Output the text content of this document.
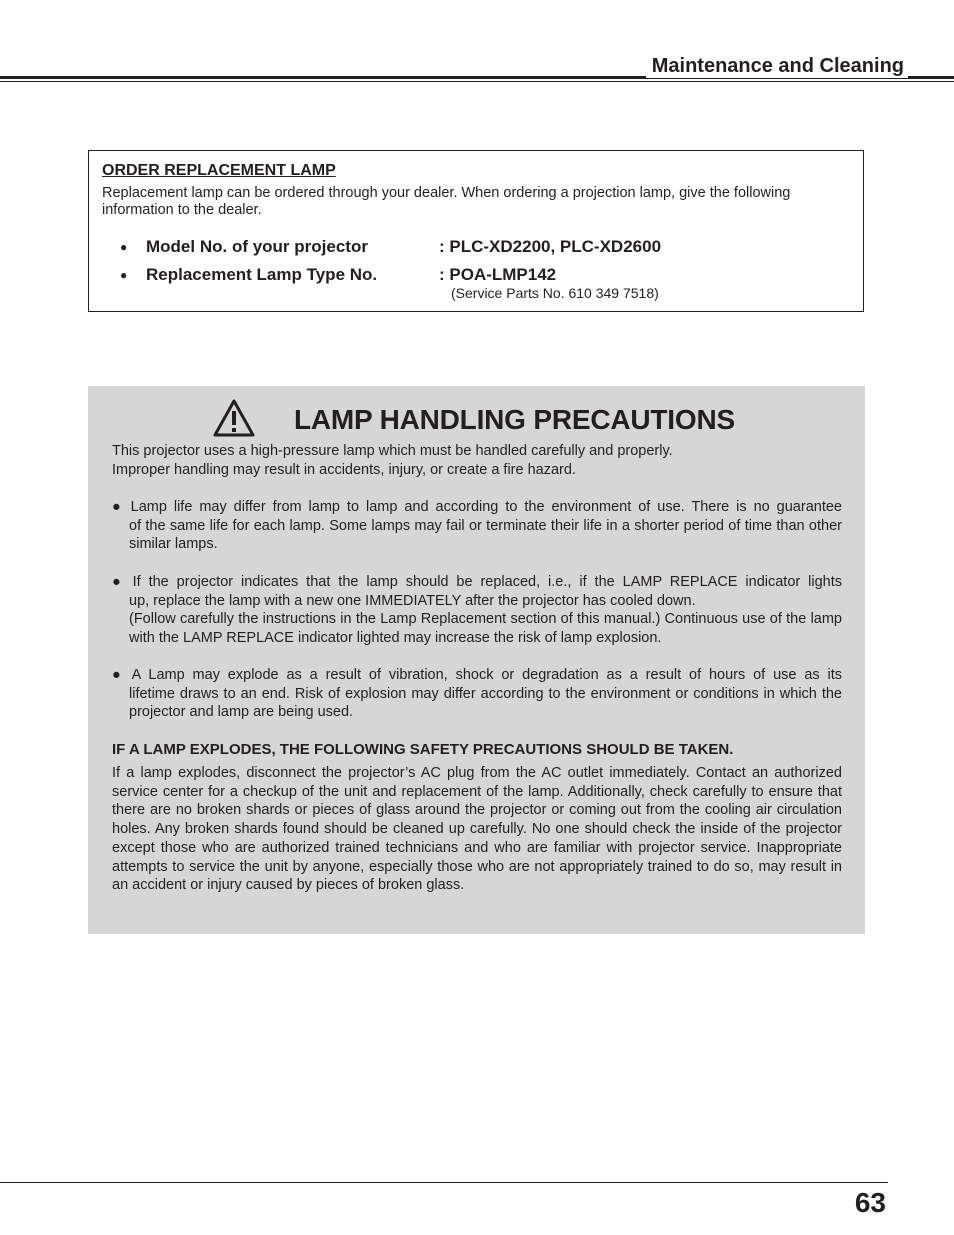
Maintenance and Cleaning
ORDER REPLACEMENT LAMP
Replacement lamp can be ordered through your dealer. When ordering a projection lamp, give the following information to the dealer.
● Model No. of your projector	: PLC-XD2200, PLC-XD2600
● Replacement Lamp Type No.	: POA-LMP142
(Service Parts No. 610 349 7518)
LAMP HANDLING PRECAUTIONS
This projector uses a high-pressure lamp which must be handled carefully and properly.
Improper handling may result in accidents, injury, or create a fire hazard.
● Lamp life may differ from lamp to lamp and according to the environment of use. There is no guarantee
of the same life for each lamp. Some lamps may fail or terminate their life in a shorter period of time than other similar lamps.
● If the projector indicates that the lamp should be replaced, i.e., if the LAMP REPLACE indicator lights
up, replace the lamp with a new one IMMEDIATELY after the projector has cooled down.
(Follow carefully the instructions in the Lamp Replacement section of this manual.) Continuous use of the lamp with the LAMP REPLACE indicator lighted may increase the risk of lamp explosion.
● A Lamp may explode as a result of vibration, shock or degradation as a result of hours of use as its
lifetime draws to an end. Risk of explosion may differ according to the environment or conditions in which the projector and lamp are being used.
IF A LAMP EXPLODES, THE FOLLOWING SAFETY PRECAUTIONS SHOULD BE TAKEN.
If a lamp explodes, disconnect the projector’s AC plug from the AC outlet immediately. Contact an authorized service center for a checkup of the unit and replacement of the lamp. Additionally, check carefully to ensure that there are no broken shards or pieces of glass around the projector or coming out from the cooling air circulation holes. Any broken shards found should be cleaned up carefully. No one should check the inside of the projector except those who are authorized trained technicians and who are familiar with projector service. Inappropriate attempts to service the unit by anyone, especially those who are not appropriately trained to do so, may result in an accident or injury caused by pieces of broken glass.
63
